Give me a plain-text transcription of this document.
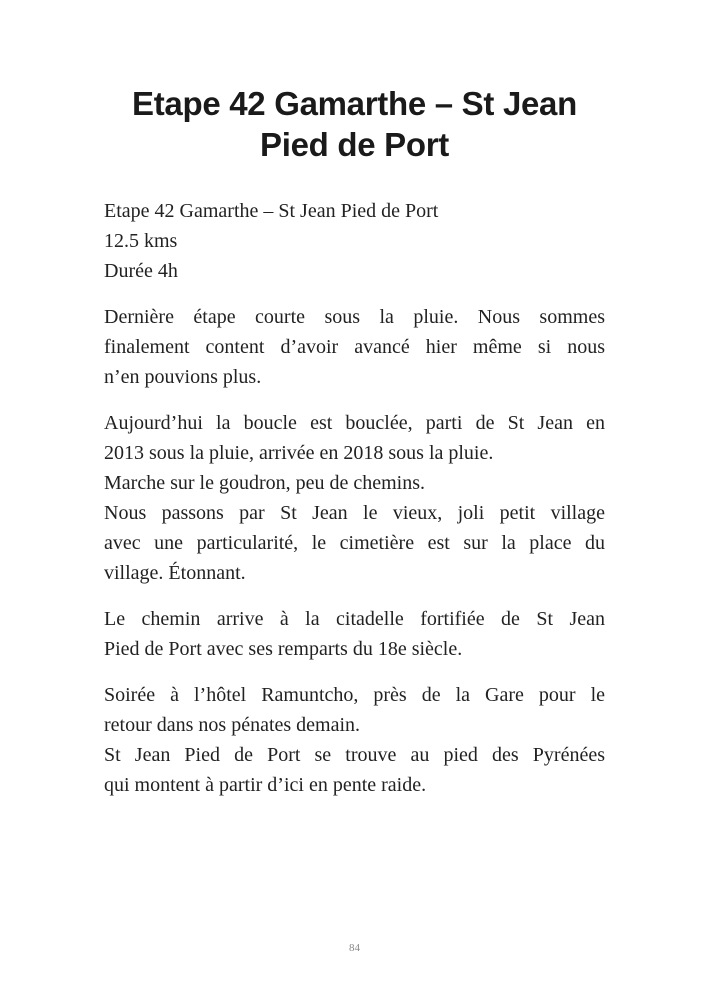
Etape 42 Gamarthe – St Jean Pied de Port

Etape 42 Gamarthe – St Jean Pied de Port
12.5 kms
Durée 4h

Dernière étape courte sous la pluie. Nous sommes
finalement content d’avoir avancé hier même si nous
n’en pouvions plus.

Aujourd’hui la boucle est bouclée, parti de St Jean en
2013 sous la pluie, arrivée en 2018 sous la pluie.
Marche sur le goudron, peu de chemins.
Nous passons par St Jean le vieux, joli petit village
avec une particularité, le cimetière est sur la place du
village. Étonnant.

Le chemin arrive à la citadelle fortifiée de St Jean
Pied de Port avec ses remparts du 18e siècle.

Soirée à l’hôtel Ramuntcho, près de la Gare pour le
retour dans nos pénates demain.
St Jean Pied de Port se trouve au pied des Pyrénées
qui montent à partir d’ici en pente raide.

84
